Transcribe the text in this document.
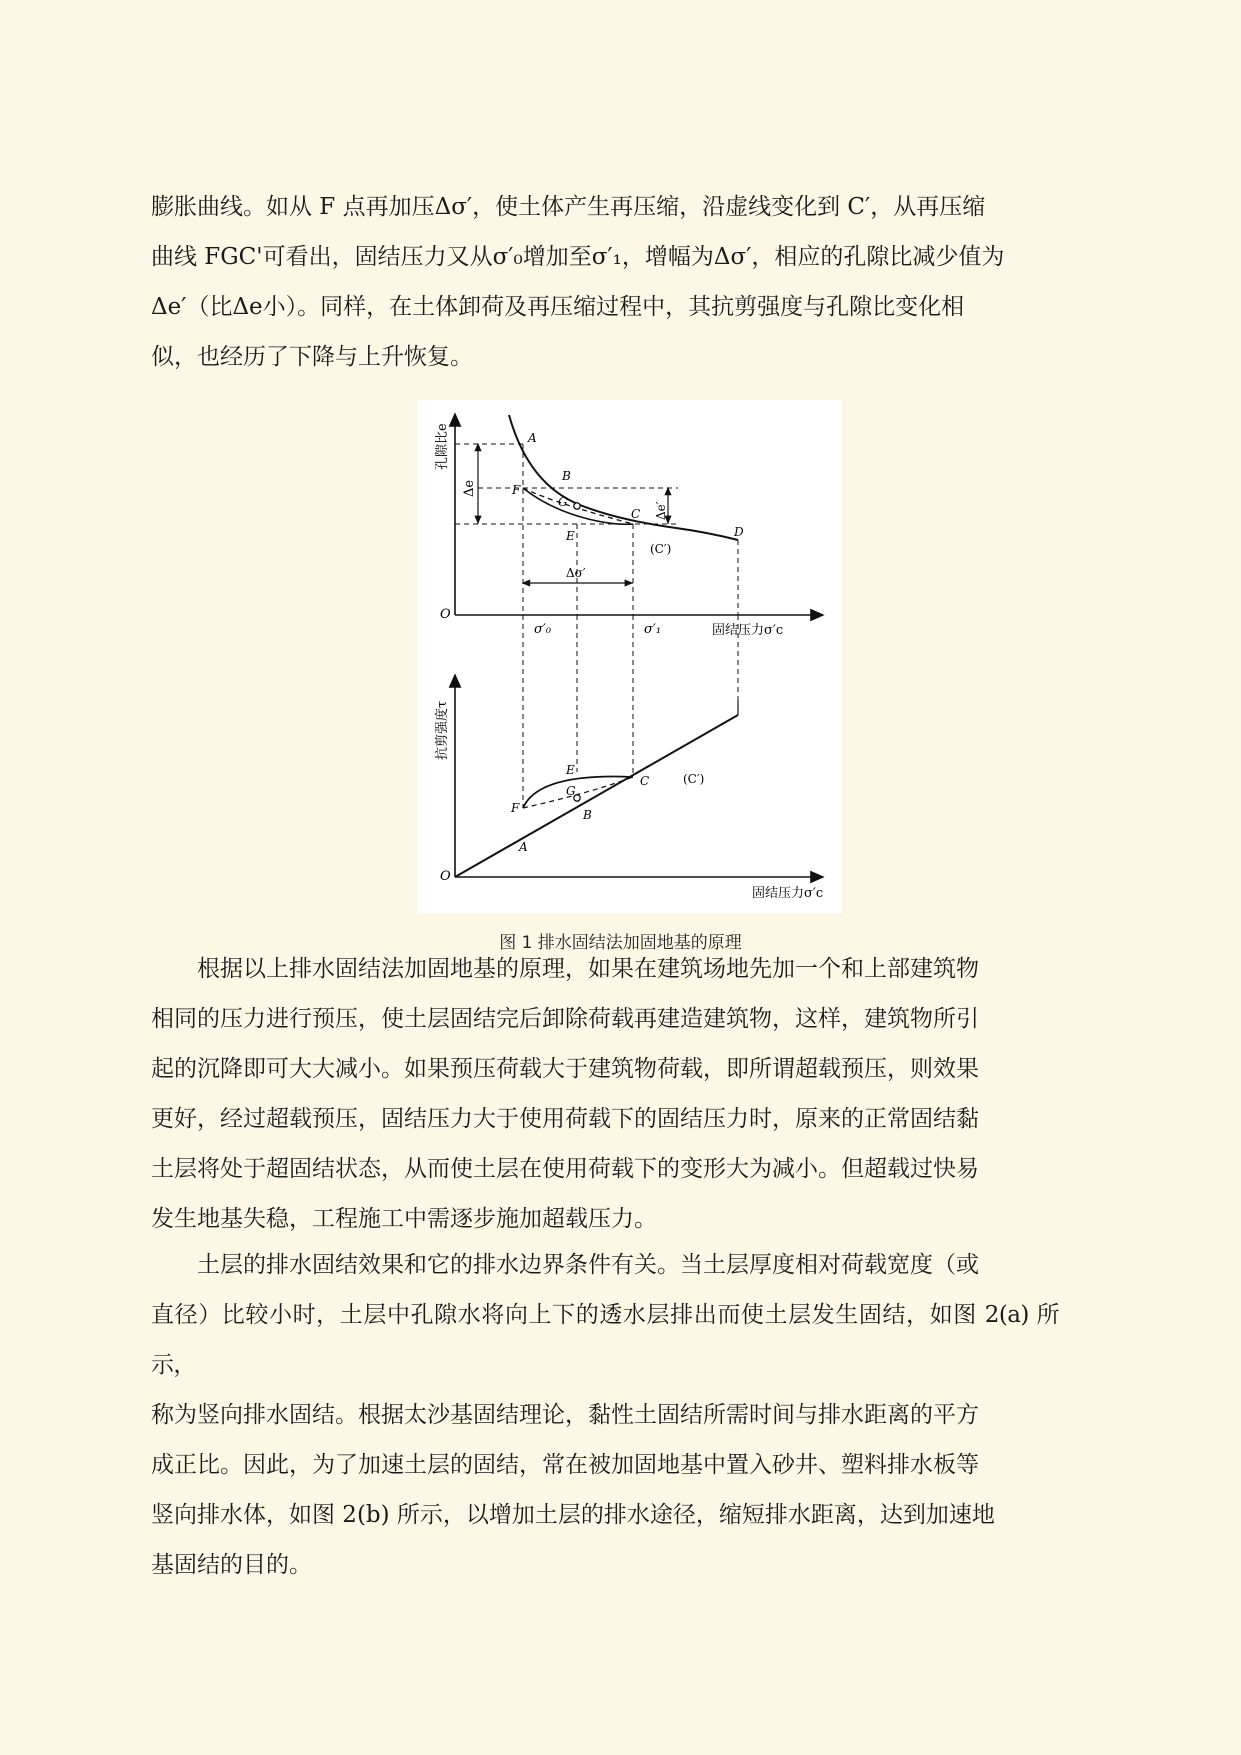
膨胀曲线。如从 F 点再加压Δσ′，使土体产生再压缩，沿虚线变化到 C′，从再压缩
曲线 FGC'可看出，固结压力又从σ′₀增加至σ′₁，增幅为Δσ′，相应的孔隙比减少值为
Δe′（比Δe小）。同样，在土体卸荷及再压缩过程中，其抗剪强度与孔隙比变化相
似，也经历了下降与上升恢复。
O
孔隙比e
固结压力σ′c
Δe
Δe′
Δσ′
A
B
F
G
C
E	D
(C′)
σ′₀	σ′₁
O
抗剪强度τ
固结压力σ′c
E
C	(C′)
G
F	B
A
图 1 排水固结法加固地基的原理
根据以上排水固结法加固地基的原理，如果在建筑场地先加一个和上部建筑物
相同的压力进行预压，使土层固结完后卸除荷载再建造建筑物，这样，建筑物所引
起的沉降即可大大减小。如果预压荷载大于建筑物荷载，即所谓超载预压，则效果
更好，经过超载预压，固结压力大于使用荷载下的固结压力时，原来的正常固结黏
土层将处于超固结状态，从而使土层在使用荷载下的变形大为减小。但超载过快易
发生地基失稳，工程施工中需逐步施加超载压力。
土层的排水固结效果和它的排水边界条件有关。当土层厚度相对荷载宽度（或
直径）比较小时，土层中孔隙水将向上下的透水层排出而使土层发生固结，如图 2(a) 所示，
称为竖向排水固结。根据太沙基固结理论，黏性土固结所需时间与排水距离的平方
成正比。因此，为了加速土层的固结，常在被加固地基中置入砂井、塑料排水板等
竖向排水体，如图 2(b) 所示，以增加土层的排水途径，缩短排水距离，达到加速地
基固结的目的。
